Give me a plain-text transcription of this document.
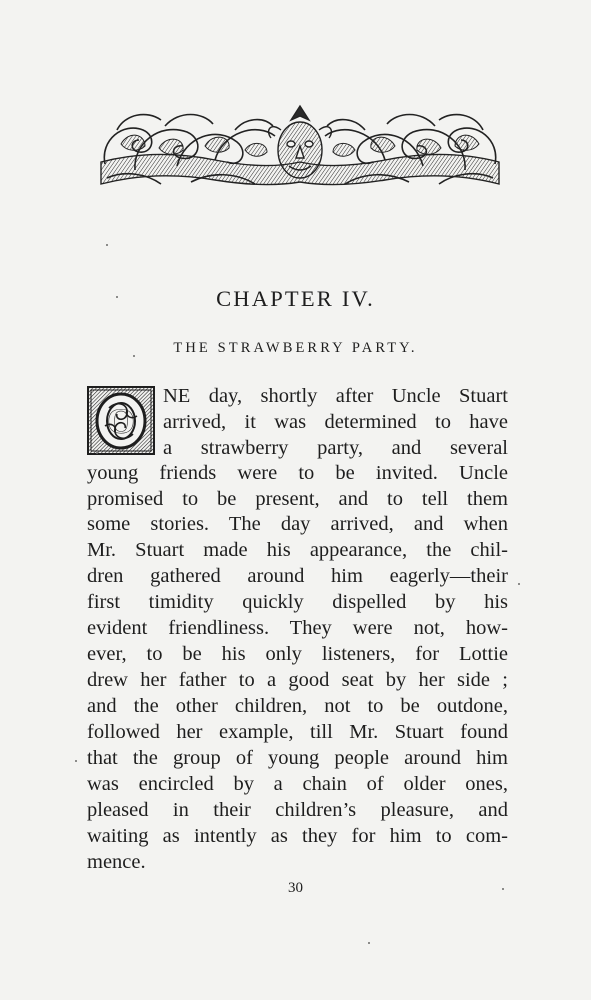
CHAPTER IV.
THE STRAWBERRY PARTY.
O
NE day, shortly after Uncle Stuart
arrived, it was determined to have
a strawberry party, and several
young friends were to be invited. Uncle
promised to be present, and to tell them
some stories. The day arrived, and when
Mr. Stuart made his appearance, the chil-
dren gathered around him eagerly—their
first timidity quickly dispelled by his
evident friendliness. They were not, how-
ever, to be his only listeners, for Lottie
drew her father to a good seat by her side ;
and the other children, not to be outdone,
followed her example, till Mr. Stuart found
that the group of young people around him
was encircled by a chain of older ones,
pleased in their children’s pleasure, and
waiting as intently as they for him to com-
mence.
30
